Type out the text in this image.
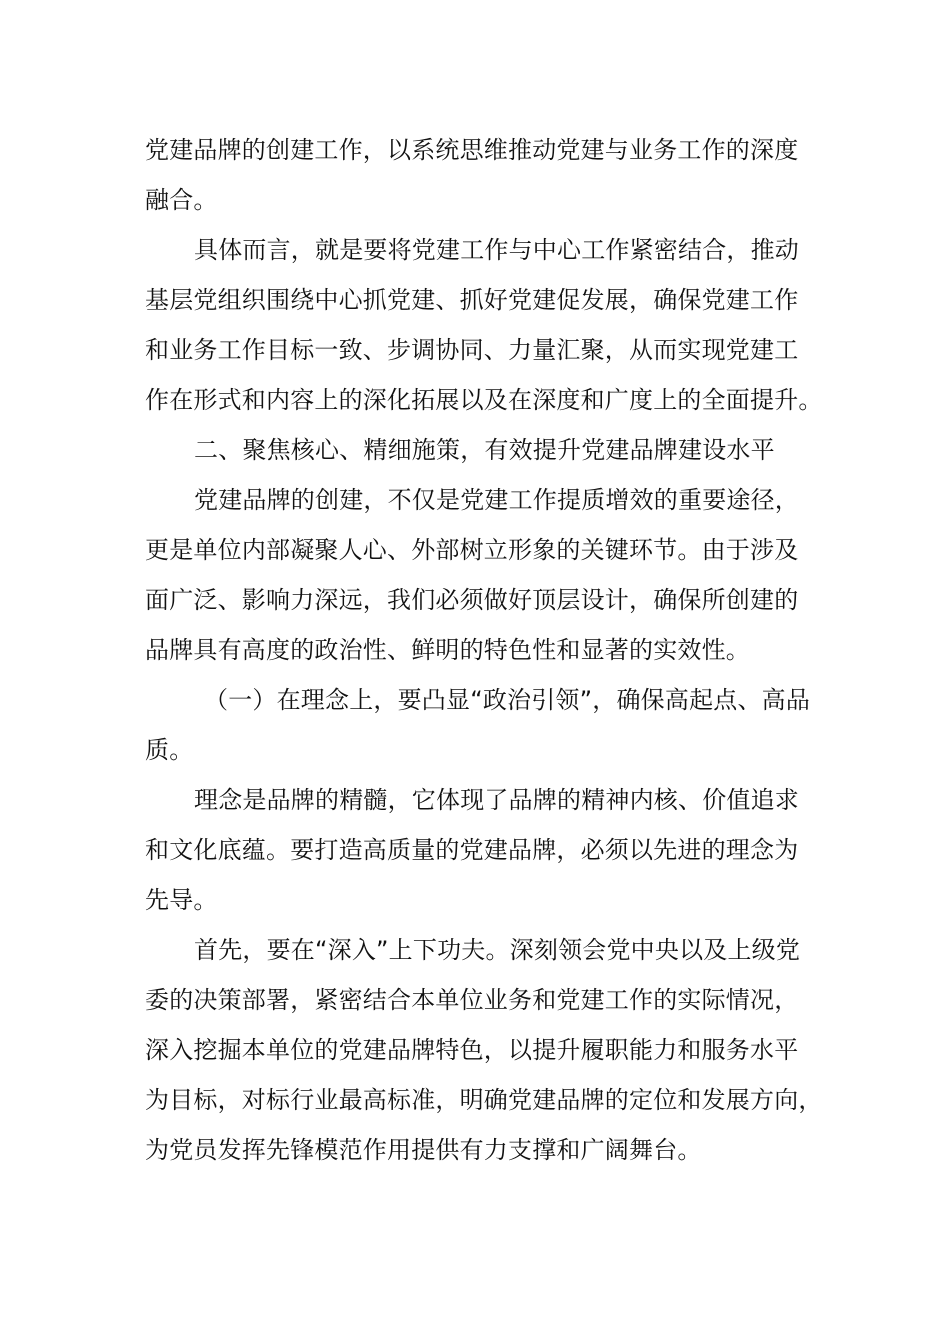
党建品牌的创建工作，以系统思维推动党建与业务工作的深度
融合。
具体而言，就是要将党建工作与中心工作紧密结合，推动
基层党组织围绕中心抓党建、抓好党建促发展，确保党建工作
和业务工作目标一致、步调协同、力量汇聚，从而实现党建工
作在形式和内容上的深化拓展以及在深度和广度上的全面提升。
二、聚焦核心、精细施策，有效提升党建品牌建设水平
党建品牌的创建，不仅是党建工作提质增效的重要途径，
更是单位内部凝聚人心、外部树立形象的关键环节。由于涉及
面广泛、影响力深远，我们必须做好顶层设计，确保所创建的
品牌具有高度的政治性、鲜明的特色性和显著的实效性。
（一）在理念上，要凸显“政治引领”，确保高起点、高品
质。
理念是品牌的精髓，它体现了品牌的精神内核、价值追求
和文化底蕴。要打造高质量的党建品牌，必须以先进的理念为
先导。
首先，要在“深入”上下功夫。深刻领会党中央以及上级党
委的决策部署，紧密结合本单位业务和党建工作的实际情况，
深入挖掘本单位的党建品牌特色，以提升履职能力和服务水平
为目标，对标行业最高标准，明确党建品牌的定位和发展方向，
为党员发挥先锋模范作用提供有力支撑和广阔舞台。
